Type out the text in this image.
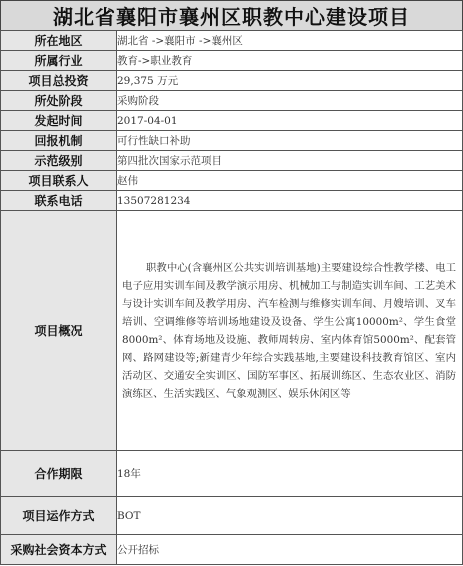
湖北省襄阳市襄州区职教中心建设项目
所在地区	湖北省 ->襄阳市 ->襄州区
所属行业	教育->职业教育
项目总投资	29,375 万元
所处阶段	采购阶段
发起时间	2017-04-01
回报机制	可行性缺口补助
示范级别	第四批次国家示范项目
项目联系人	赵伟
联系电话	13507281234
项目概况	职教中心(含襄州区公共实训培训基地)主要建设综合性教学楼、电工电子应用实训车间及教学演示用房、机械加工与制造实训车间、工艺美术与设计实训车间及教学用房、汽车检测与维修实训车间、月嫂培训、叉车培训、空调维修等培训场地建设及设备、学生公寓10000m²、学生食堂8000m²、体育场地及设施、教师周转房、室内体育馆5000m²、配套管网、路网建设等;新建青少年综合实践基地,主要建设科技教育馆区、室内活动区、交通安全实训区、国防军事区、拓展训练区、生态农业区、消防演练区、生活实践区、气象观测区、娱乐休闲区等

合作期限	18年
项目运作方式	BOT
采购社会资本方式	公开招标
